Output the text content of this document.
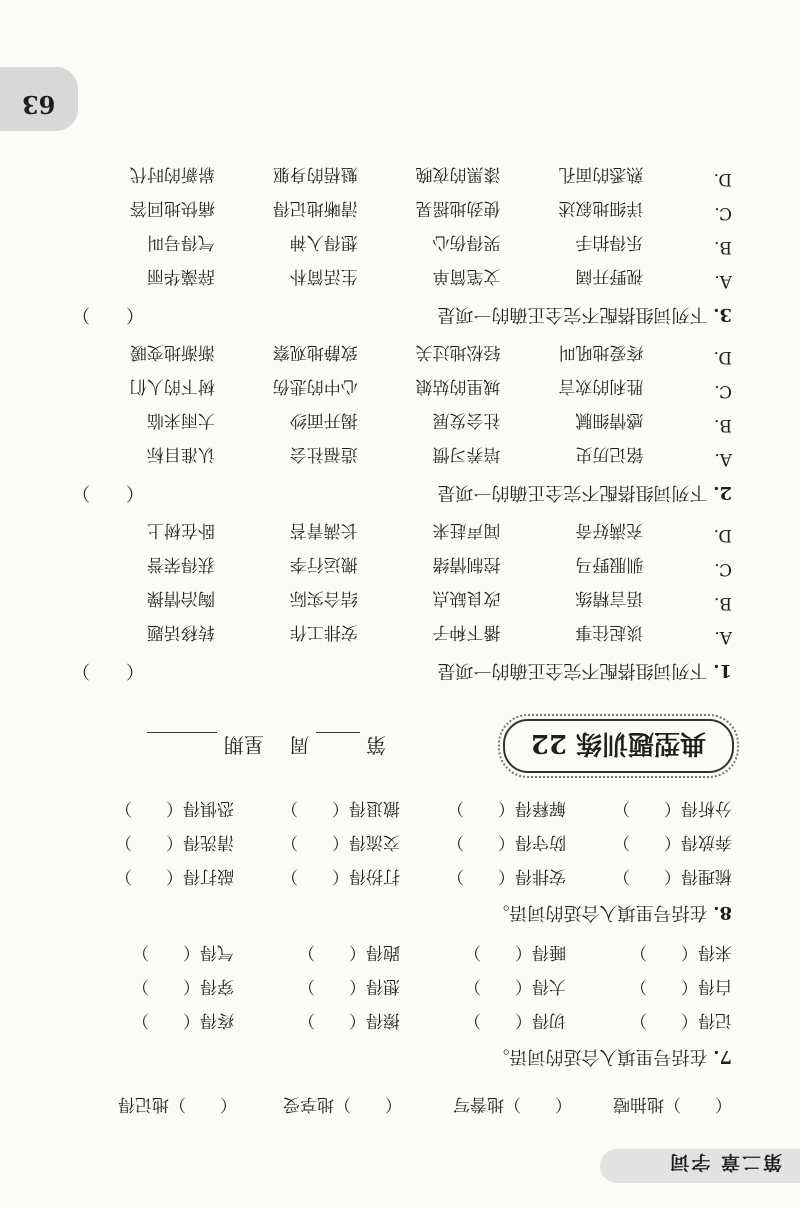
第二章 字词
63
（　　）地抽噎
（　　）地誊写
（　　）地享受
（　　）地记得
7. 在括号里填入合适的词语。
记得（　　）
切得（　　）
擦得（　　）
疼得（　　）
白得（　　）
大得（　　）
想得（　　）
穿得（　　）
来得（　　）
睡得（　　）
跑得（　　）
气得（　　）
8. 在括号里填入合适的词语。
梳理得（　　）
安排得（　　）
打扮得（　　）
敲打得（　　）
奔放得（　　）
防守得（　　）
交流得（　　）
清洗得（　　）
分析得（　　）
解释得（　　）
撤退得（　　）
恐惧得（　　）
典型题训练 22
第  周    星期
1. 下列词组搭配不完全正确的一项是
（　　）
A.
谈起往事
播下种子
安排工作
转移话题
B.
语言精练
改良缺点
结合实际
陶冶情操
C.
驯服野马
控制情绪
搬运行李
获得荣誉
D.
充满好奇
闻声赶来
长满青苔
卧在树上
2. 下列词组搭配不完全正确的一项是
（　　）
A.
铭记历史
培养习惯
造福社会
认准目标
B.
感情细腻
社会发展
揭开面纱
大雨来临
C.
胜利的欢言
城里的姑娘
心中的悲伤
树下的人们
D.
疼爱地吼叫
轻松地过关
致静地观察
渐渐地变暖
3. 下列词组搭配不完全正确的一项是
（　　）
A.
视野开阔
文笔简单
生活简朴
辞藻华丽
B.
乐得拍手
哭得伤心
想得入神
气得号叫
C.
详细地叙述
使劲地摇晃
清晰地记得
痛快地回答
D.
熟悉的面孔
漆黑的夜晚
魁梧的身躯
崭新的时代
